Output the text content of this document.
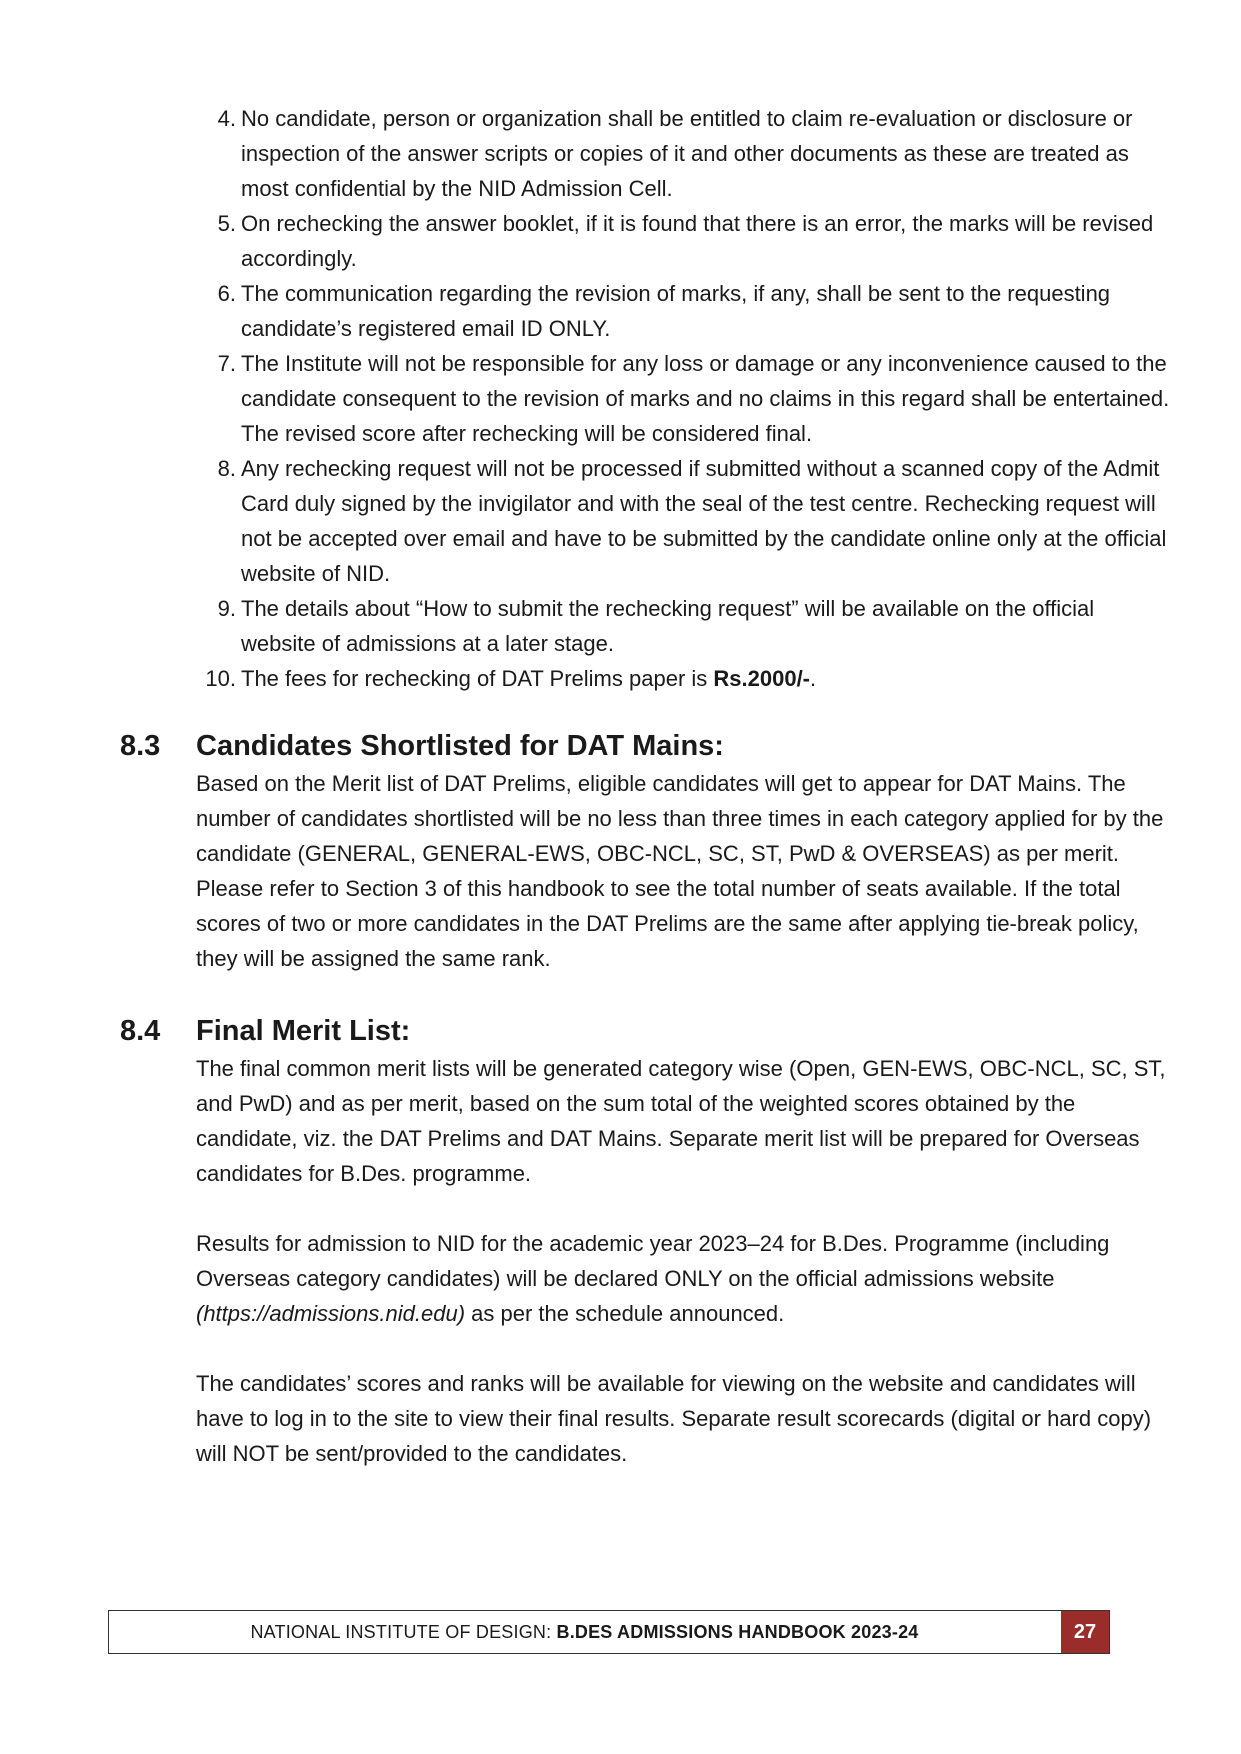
4. No candidate, person or organization shall be entitled to claim re-evaluation or disclosure or inspection of the answer scripts or copies of it and other documents as these are treated as most confidential by the NID Admission Cell.
5. On rechecking the answer booklet, if it is found that there is an error, the marks will be revised accordingly.
6. The communication regarding the revision of marks, if any, shall be sent to the requesting candidate’s registered email ID ONLY.
7. The Institute will not be responsible for any loss or damage or any inconvenience caused to the candidate consequent to the revision of marks and no claims in this regard shall be entertained. The revised score after rechecking will be considered final.
8. Any rechecking request will not be processed if submitted without a scanned copy of the Admit Card duly signed by the invigilator and with the seal of the test centre. Rechecking request will not be accepted over email and have to be submitted by the candidate online only at the official website of NID.
9. The details about “How to submit the rechecking request” will be available on the official website of admissions at a later stage.
10. The fees for rechecking of DAT Prelims paper is Rs.2000/-.
8.3 Candidates Shortlisted for DAT Mains:

Based on the Merit list of DAT Prelims, eligible candidates will get to appear for DAT Mains. The number of candidates shortlisted will be no less than three times in each category applied for by the candidate (GENERAL, GENERAL-EWS, OBC-NCL, SC, ST, PwD & OVERSEAS) as per merit. Please refer to Section 3 of this handbook to see the total number of seats available. If the total scores of two or more candidates in the DAT Prelims are the same after applying tie-break policy, they will be assigned the same rank.

8.4 Final Merit List:

The final common merit lists will be generated category wise (Open, GEN-EWS, OBC-NCL, SC, ST, and PwD) and as per merit, based on the sum total of the weighted scores obtained by the candidate, viz. the DAT Prelims and DAT Mains. Separate merit list will be prepared for Overseas candidates for B.Des. programme.

Results for admission to NID for the academic year 2023–24 for B.Des. Programme (including Overseas category candidates) will be declared ONLY on the official admissions website (https://admissions.nid.edu) as per the schedule announced.

The candidates’ scores and ranks will be available for viewing on the website and candidates will have to log in to the site to view their final results. Separate result scorecards (digital or hard copy) will NOT be sent/provided to the candidates.

NATIONAL INSTITUTE OF DESIGN: B.DES ADMISSIONS HANDBOOK 2023-24	27
